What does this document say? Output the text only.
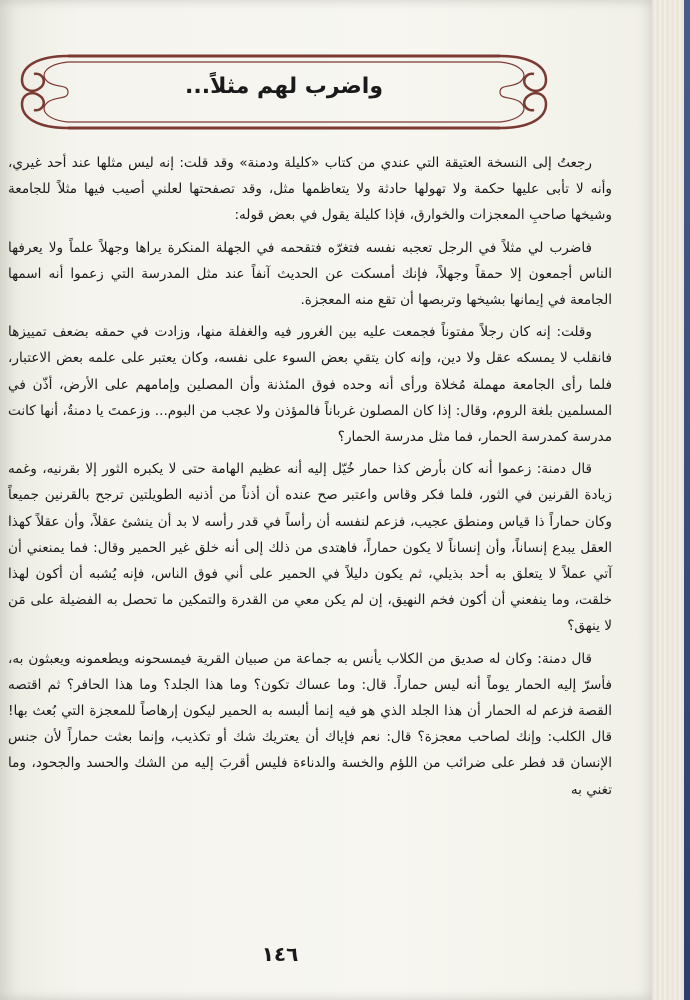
واضرب لهم مثلاً...

رجعتُ إلى النسخة العتيقة التي عندي من كتاب «كليلة ودمنة» وقد قلت: إنه ليس مثلها عند أحد غيري، وأنه لا تأبى عليها حكمة ولا تهولها حادثة ولا يتعاظمها مثل، وقد تصفحتها لعلني أصيب فيها مثلاً للجامعة وشيخها صاحبِ المعجزات والخوارق، فإذا كليلة يقول في بعض قوله:

فاضرب لي مثلاً في الرجل تعجبه نفسه فتغرّه فتقحمه في الجهلة المنكرة يراها وجهلاً علماً ولا يعرفها الناس أجمعون إلا حمقاً وجهلاً، فإنك أمسكت عن الحديث آنفاً عند مثل المدرسة التي زعموا أنه اسمها الجامعة في إيمانها بشيخها وتربصها أن تقع منه المعجزة.

وقلت: إنه كان رجلاً مفتوناً فجمعت عليه بين الغرور فيه والغفلة منها، وزادت في حمقه بضعف تمييزها فانقلب لا يمسكه عقل ولا دين، وإنه كان يتقي بعض السوء على نفسه، وكان يعتبر على علمه بعض الاعتبار، فلما رأى الجامعة مهملة مُخلاة ورأى أنه وحده فوق المئذنة وأن المصلين وإمامهم على الأرض، أذّن في المسلمين بلغة الروم، وقال: إذا كان المصلون غرباناً فالمؤذن ولا عجب من البوم... وزعمتَ يا دمنةُ، أنها كانت مدرسة كمدرسة الحمار، فما مثل مدرسة الحمار؟

قال دمنة: زعموا أنه كان بأرض كذا حمار خُيّل إليه أنه عظيم الهامة حتى لا يكبره الثور إلا بقرنيه، وغمه زيادة القرنين في الثور، فلما فكر وقاس واعتبر صح عنده أن أذناً من أذنيه الطويلتين ترجح بالقرنين جميعاً وكان حماراً ذا قياس ومنطق عجيب، فزعم لنفسه أن رأساً في قدر رأسه لا بد أن ينشئ عقلاً، وأن عقلاً كهذا العقل يبدع إنساناً، وأن إنساناً لا يكون حماراً، فاهتدى من ذلك إلى أنه خلق غير الحمير وقال: فما يمنعني أن آتي عملاً لا يتعلق به أحد بذيلي، ثم يكون دليلاً في الحمير على أني فوق الناس، فإنه يُشبه أن أكون لهذا خلقت، وما ينفعني أن أكون فخم النهيق، إن لم يكن معي من القدرة والتمكين ما تحصل به الفضيلة على مَن لا ينهق؟

قال دمنة: وكان له صديق من الكلاب يأنس به جماعة من صبيان القرية فيمسحونه ويطعمونه ويعبثون به، فأسرّ إليه الحمار يوماً أنه ليس حماراً. قال: وما عساك تكون؟ وما هذا الجلد؟ وما هذا الحافر؟ ثم اقتصه القصة فزعم له الحمار أن هذا الجلد الذي هو فيه إنما ألبسه به الحمير ليكون إرهاصاً للمعجزة التي بُعث بها! قال الكلب: وإنك لصاحب معجزة؟ قال: نعم فإياك أن يعتريك شك أو تكذيب، وإنما بعثت حماراً لأن جنس الإنسان قد فطر على ضرائب من اللؤم والخسة والدناءة فليس أقربَ إليه من الشك والحسد والجحود، وما تغني به

١٤٦
